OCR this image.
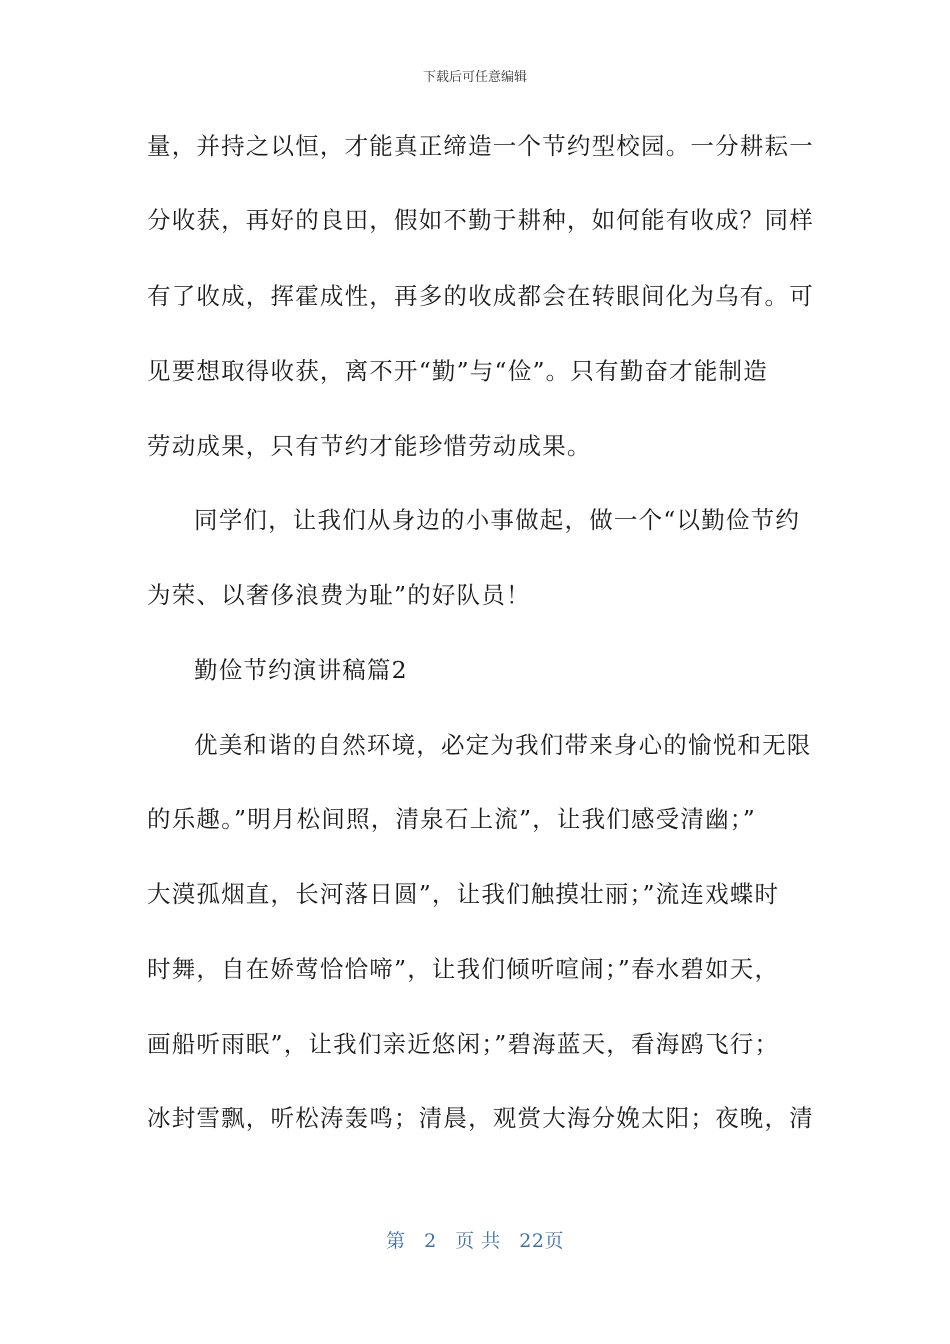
下载后可任意编辑
量，并持之以恒，才能真正缔造一个节约型校园。一分耕耘一
分收获，再好的良田，假如不勤于耕种，如何能有收成？同样
有了收成，挥霍成性，再多的收成都会在转眼间化为乌有。可
见要想取得收获，离不开“勤”与“俭”。只有勤奋才能制造
劳动成果，只有节约才能珍惜劳动成果。
同学们，让我们从身边的小事做起，做一个“以勤俭节约
为荣、以奢侈浪费为耻”的好队员！
勤俭节约演讲稿篇2
优美和谐的自然环境，必定为我们带来身心的愉悦和无限
的乐趣。”明月松间照，清泉石上流”，让我们感受清幽；”
大漠孤烟直，长河落日圆”，让我们触摸壮丽；”流连戏蝶时
时舞，自在娇莺恰恰啼”，让我们倾听喧闹；”春水碧如天，
画船听雨眠”，让我们亲近悠闲；”碧海蓝天，看海鸥飞行；
冰封雪飘，听松涛轰鸣；清晨，观赏大海分娩太阳；夜晚，清
第 2 页 共 22页
